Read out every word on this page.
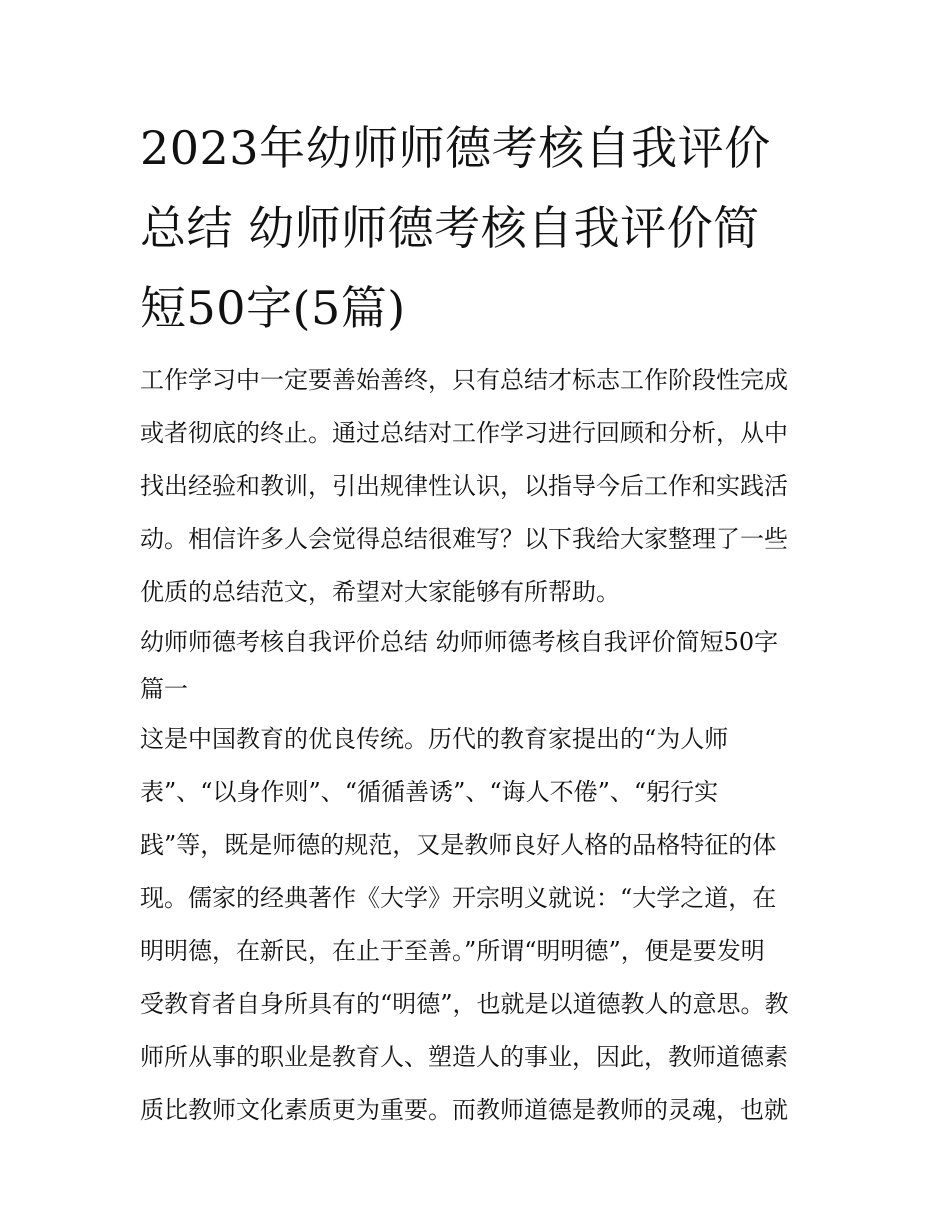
2023年幼师师德考核自我评价
总结 幼师师德考核自我评价简
短50字(5篇)

工作学习中一定要善始善终，只有总结才标志工作阶段性完成
或者彻底的终止。通过总结对工作学习进行回顾和分析，从中
找出经验和教训，引出规律性认识，以指导今后工作和实践活
动。相信许多人会觉得总结很难写？以下我给大家整理了一些
优质的总结范文，希望对大家能够有所帮助。

幼师师德考核自我评价总结 幼师师德考核自我评价简短50字
篇一

这是中国教育的优良传统。历代的教育家提出的“为人师
表”、“以身作则”、“循循善诱”、“诲人不倦”、“躬行实
践”等，既是师德的规范，又是教师良好人格的品格特征的体
现。儒家的经典著作《大学》开宗明义就说：“大学之道，在
明明德，在新民，在止于至善。”所谓“明明德”，便是要发明
受教育者自身所具有的“明德”，也就是以道德教人的意思。教
师所从事的职业是教育人、塑造人的事业，因此，教师道德素
质比教师文化素质更为重要。而教师道德是教师的灵魂，也就
